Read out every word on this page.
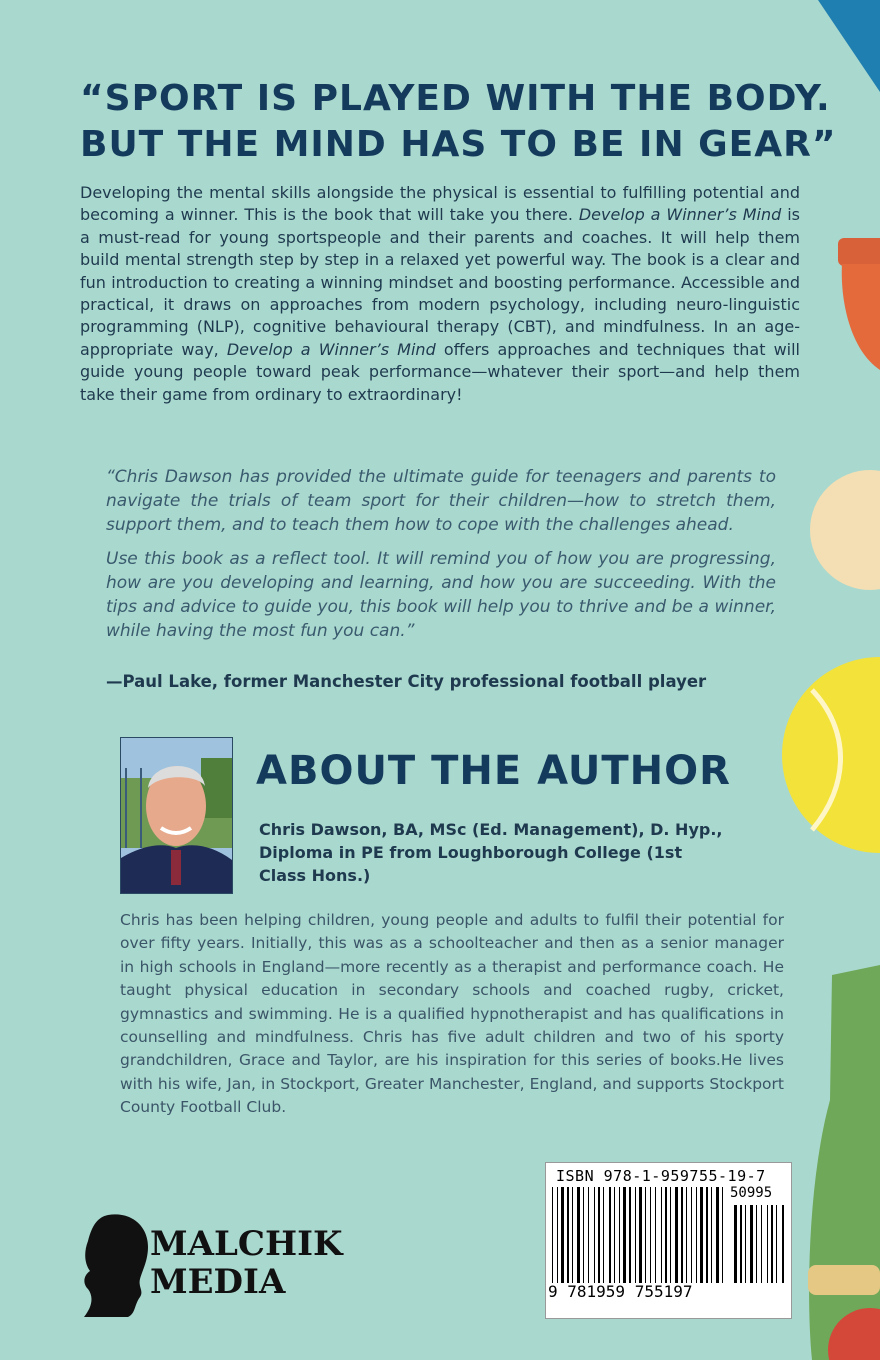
“SPORT IS PLAYED WITH THE BODY.
BUT THE MIND HAS TO BE IN GEAR”
Developing the mental skills alongside the physical is essential to fulfilling potential and becoming a winner. This is the book that will take you there. Develop a Winner’s Mind is a must-read for young sportspeople and their parents and coaches. It will help them build mental strength step by step in a relaxed yet powerful way. The book is a clear and fun introduction to creating a winning mindset and boosting performance. Accessible and practical, it draws on approaches from modern psychology, including neuro-linguistic programming (NLP), cognitive behavioural therapy (CBT), and mindfulness. In an age-appropriate way, Develop a Winner’s Mind offers approaches and techniques that will guide young people toward peak performance—whatever their sport—and help them take their game from ordinary to extraordinary!

“Chris Dawson has provided the ultimate guide for teenagers and parents to navigate the trials of team sport for their children—how to stretch them, support them, and to teach them how to cope with the challenges ahead.

Use this book as a reflect tool. It will remind you of how you are progressing, how are you developing and learning, and how you are succeeding. With the tips and advice to guide you, this book will help you to thrive and be a winner, while having the most fun you can.”

—Paul Lake, former Manchester City professional football player
ABOUT THE AUTHOR
Chris Dawson, BA, MSc (Ed. Management), D. Hyp., Diploma in PE from Loughborough College (1st Class Hons.)
Chris has been helping children, young people and adults to fulfil their potential for over fifty years. Initially, this was as a schoolteacher and then as a senior manager in high schools in England—more recently as a therapist and performance coach. He taught physical education in secondary schools and coached rugby, cricket, gymnastics and swimming. He is a qualified hypnotherapist and has qualifications in counselling and mindfulness. Chris has five adult children and two of his sporty grandchildren, Grace and Taylor, are his inspiration for this series of books.He lives with his wife, Jan, in Stockport, Greater Manchester, England, and supports Stockport County Football Club.
MALCHIK
MEDIA
ISBN 978-1-959755-19-7
50995
9 781959 755197
